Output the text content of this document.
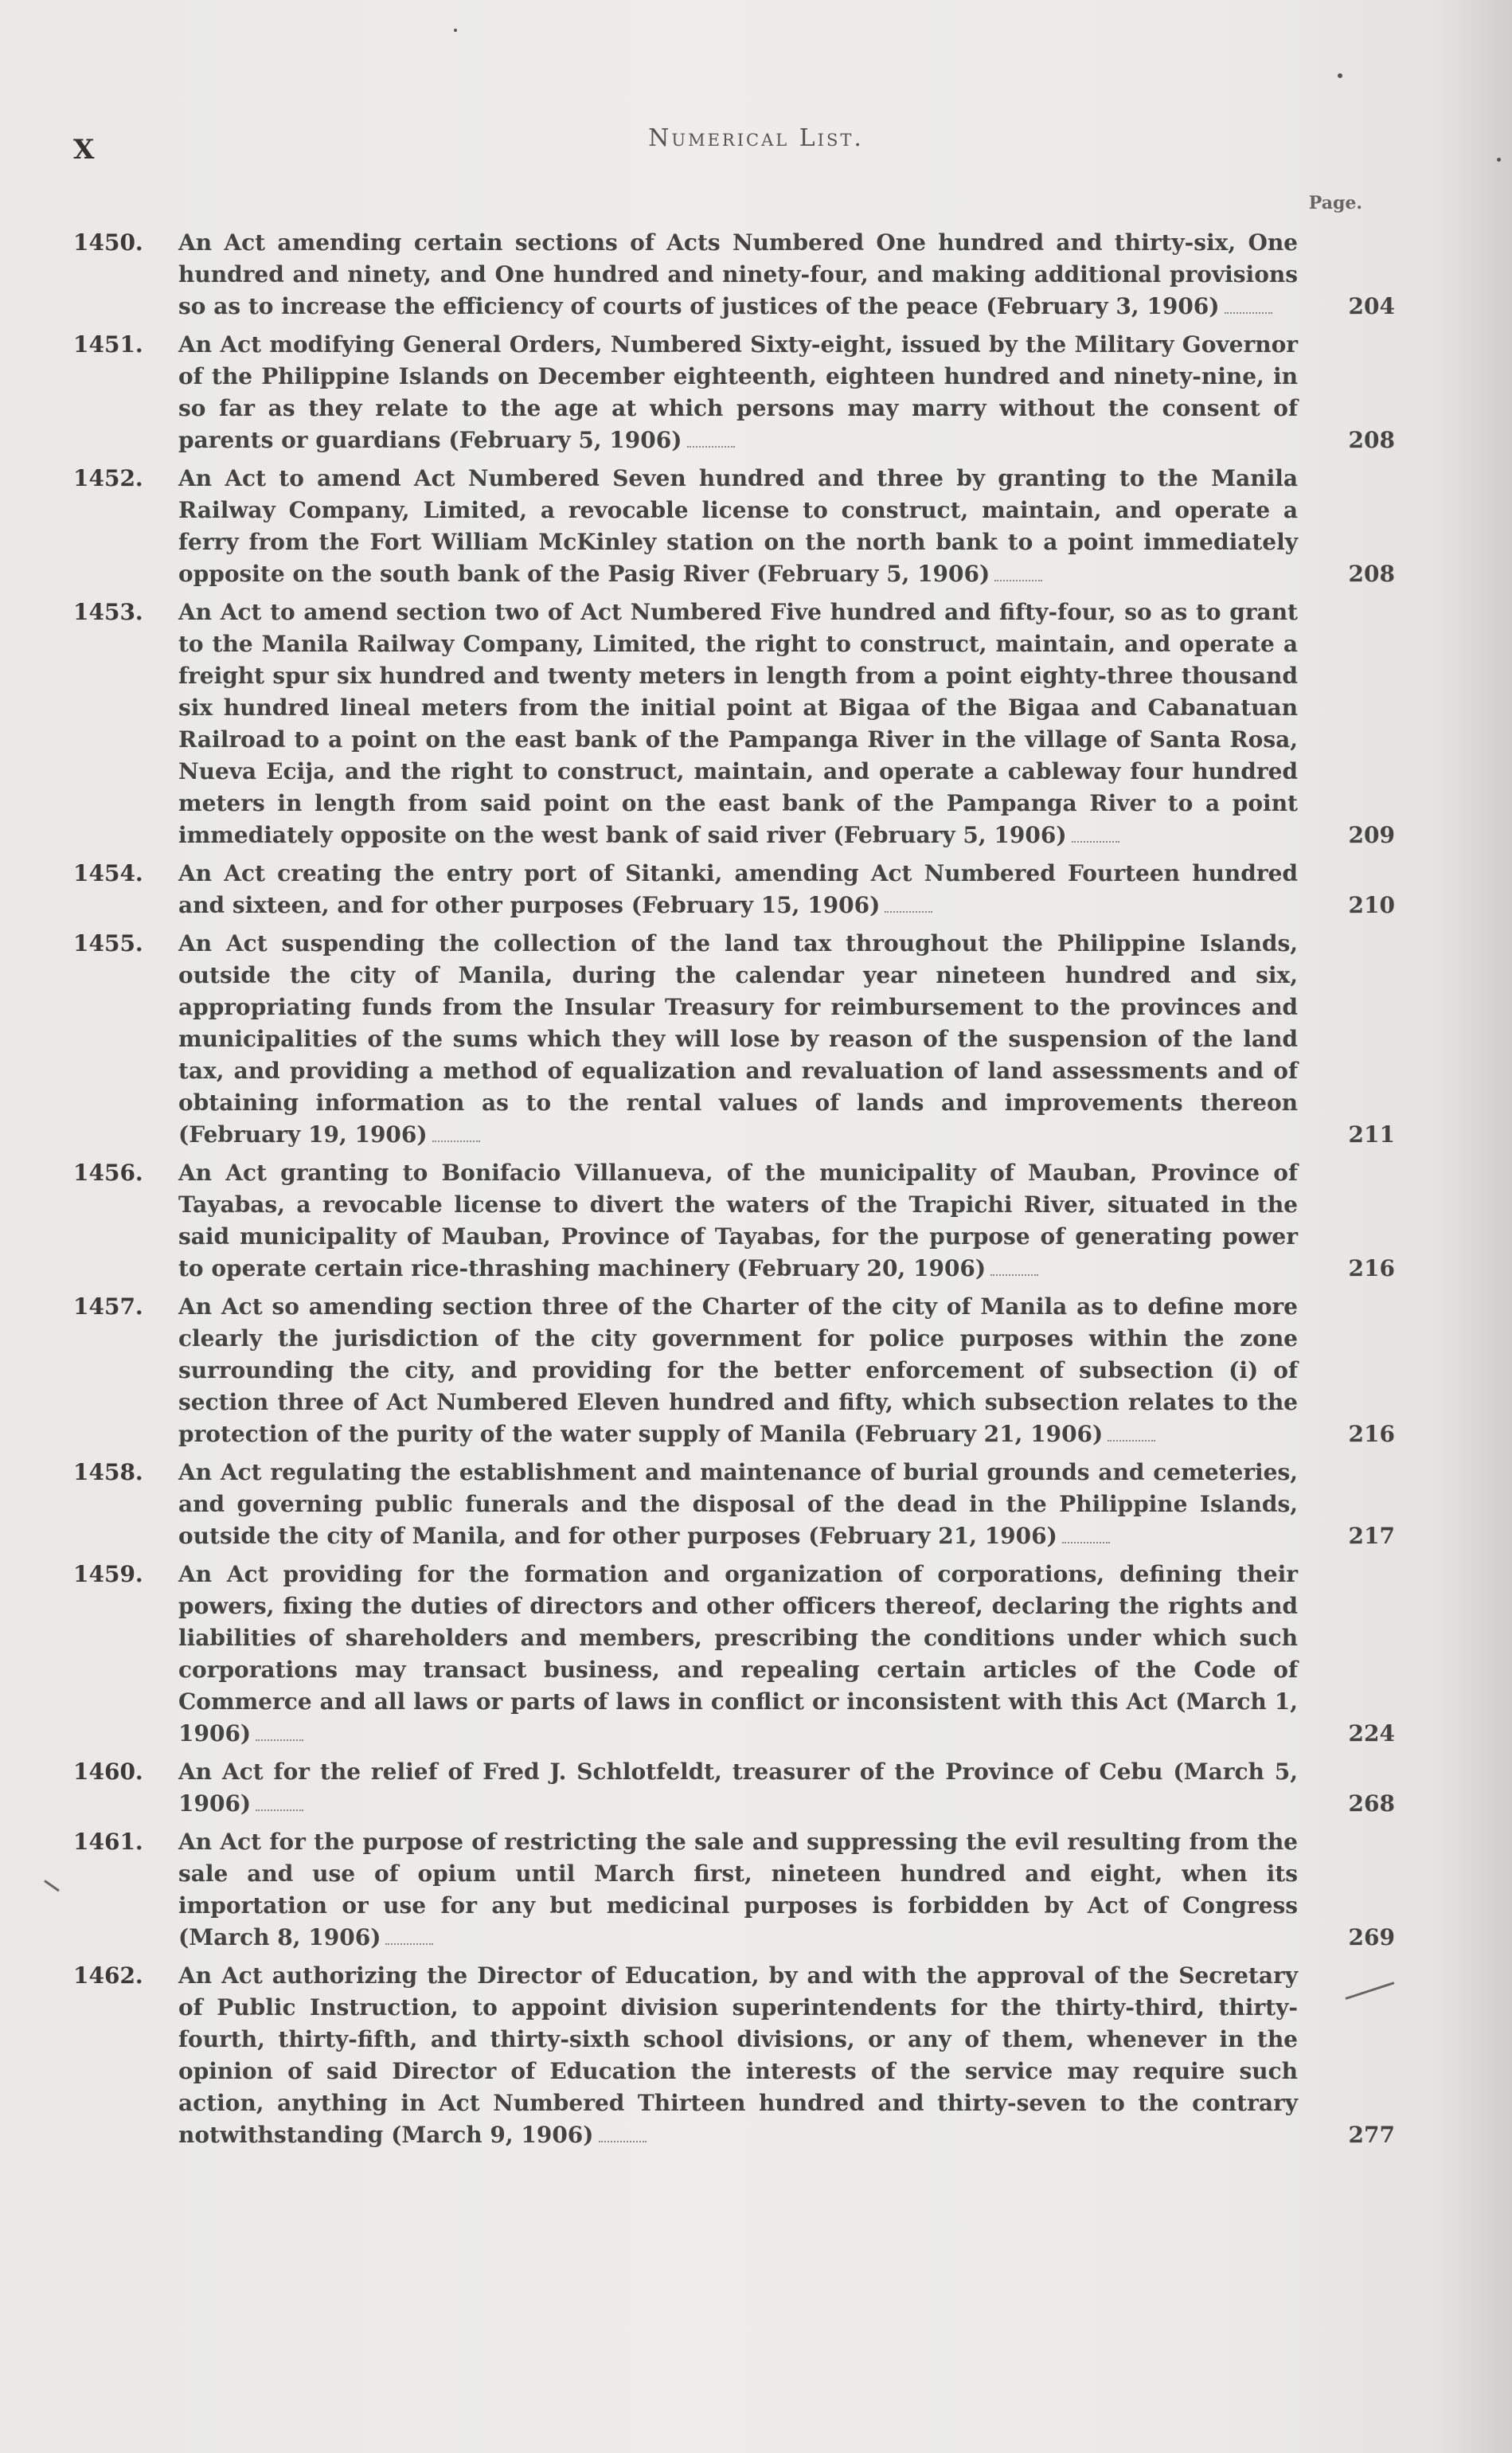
X	Numerical List.
Page.
1450.	An Act amending certain sections of Acts Numbered One hundred and thirty-six, One hundred and ninety, and One hundred and ninety-four, and making additional provisions so as to increase the efficiency of courts of justices of the peace (February 3, 1906)	204
1451.	An Act modifying General Orders, Numbered Sixty-eight, issued by the Military Governor of the Philippine Islands on December eighteenth, eighteen hundred and ninety-nine, in so far as they relate to the age at which persons may marry without the consent of parents or guardians (February 5, 1906)	208
1452.	An Act to amend Act Numbered Seven hundred and three by granting to the Manila Railway Company, Limited, a revocable license to construct, maintain, and operate a ferry from the Fort William McKinley station on the north bank to a point immediately opposite on the south bank of the Pasig River (February 5, 1906)	208
1453.	An Act to amend section two of Act Numbered Five hundred and fifty-four, so as to grant to the Manila Railway Company, Limited, the right to construct, maintain, and operate a freight spur six hundred and twenty meters in length from a point eighty-three thousand six hundred lineal meters from the initial point at Bigaa of the Bigaa and Cabanatuan Railroad to a point on the east bank of the Pampanga River in the village of Santa Rosa, Nueva Ecija, and the right to construct, maintain, and operate a cableway four hundred meters in length from said point on the east bank of the Pampanga River to a point immediately opposite on the west bank of said river (February 5, 1906)	209
1454.	An Act creating the entry port of Sitanki, amending Act Numbered Fourteen hundred and sixteen, and for other purposes (February 15, 1906)	210
1455.	An Act suspending the collection of the land tax throughout the Philippine Islands, outside the city of Manila, during the calendar year nineteen hundred and six, appropriating funds from the Insular Treasury for reimbursement to the provinces and municipalities of the sums which they will lose by reason of the suspension of the land tax, and providing a method of equalization and revaluation of land assessments and of obtaining information as to the rental values of lands and improvements thereon (February 19, 1906)	211
1456.	An Act granting to Bonifacio Villanueva, of the municipality of Mauban, Province of Tayabas, a revocable license to divert the waters of the Trapichi River, situated in the said municipality of Mauban, Province of Tayabas, for the purpose of generating power to operate certain rice-thrashing machinery (February 20, 1906)	216
1457.	An Act so amending section three of the Charter of the city of Manila as to define more clearly the jurisdiction of the city government for police purposes within the zone surrounding the city, and providing for the better enforcement of subsection (i) of section three of Act Numbered Eleven hundred and fifty, which subsection relates to the protection of the purity of the water supply of Manila (February 21, 1906)	216
1458.	An Act regulating the establishment and maintenance of burial grounds and cemeteries, and governing public funerals and the disposal of the dead in the Philippine Islands, outside the city of Manila, and for other purposes (February 21, 1906)	217
1459.	An Act providing for the formation and organization of corporations, defining their powers, fixing the duties of directors and other officers thereof, declaring the rights and liabilities of shareholders and members, prescribing the conditions under which such corporations may transact business, and repealing certain articles of the Code of Commerce and all laws or parts of laws in conflict or inconsistent with this Act (March 1, 1906)	224
1460.	An Act for the relief of Fred J. Schlotfeldt, treasurer of the Province of Cebu (March 5, 1906)	268
1461.	An Act for the purpose of restricting the sale and suppressing the evil resulting from the sale and use of opium until March first, nineteen hundred and eight, when its importation or use for any but medicinal purposes is forbidden by Act of Congress (March 8, 1906)	269
1462.	An Act authorizing the Director of Education, by and with the approval of the Secretary of Public Instruction, to appoint division superintendents for the thirty-third, thirty-fourth, thirty-fifth, and thirty-sixth school divisions, or any of them, whenever in the opinion of said Director of Education the interests of the service may require such action, anything in Act Numbered Thirteen hundred and thirty-seven to the contrary notwithstanding (March 9, 1906)	277
